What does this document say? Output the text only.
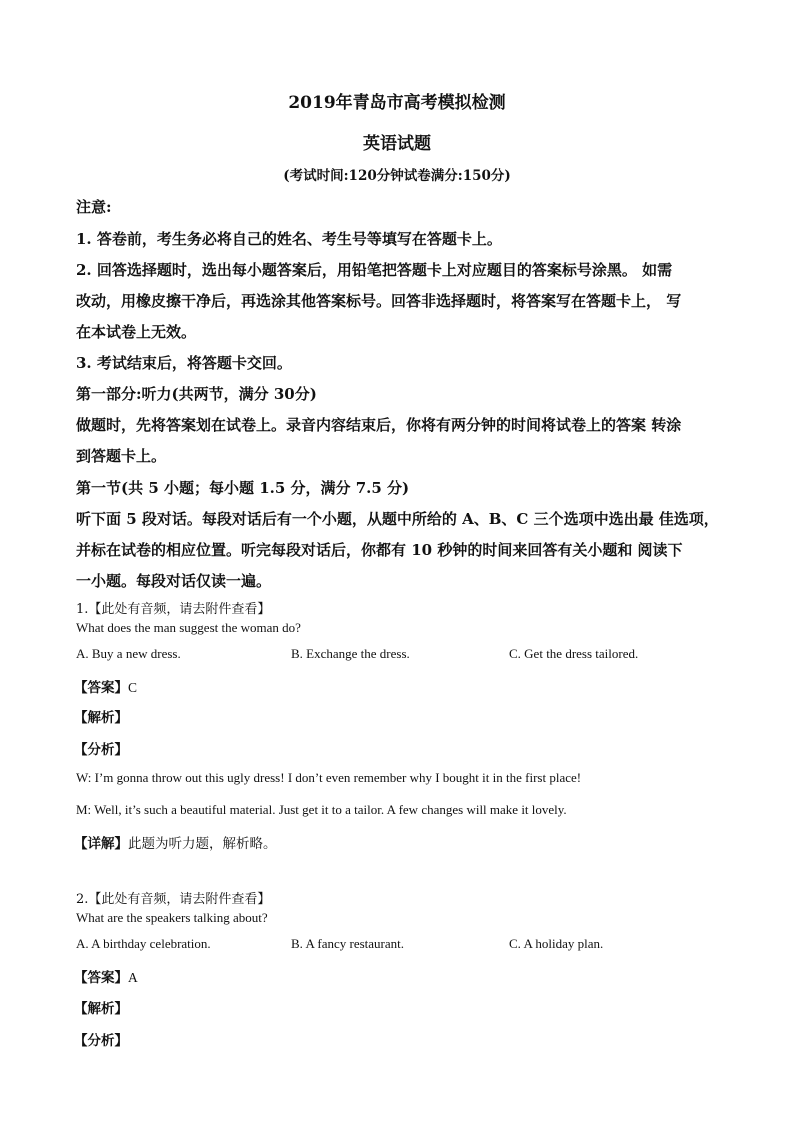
2019年青岛市高考模拟检测
英语试题
(考试时间:120分钟试卷满分:150分)
注意:
1. 答卷前，考生务必将自己的姓名、考生号等填写在答题卡上。
2. 回答选择题时，选出每小题答案后，用铅笔把答题卡上对应题目的答案标号涂黑。 如需
改动，用橡皮擦干净后，再选涂其他答案标号。回答非选择题时，将答案写在答题卡上， 写
在本试卷上无效。
3. 考试结束后，将答题卡交回。
第一部分:听力(共两节，满分 30分)
做题时，先将答案划在试卷上。录音内容结束后，你将有两分钟的时间将试卷上的答案 转涂
到答题卡上。
第一节(共 5 小题；每小题 1.5 分，满分 7.5 分)
听下面 5 段对话。每段对话后有一个小题，从题中所给的 A、B、C 三个选项中选出最 佳选项，
并标在试卷的相应位置。听完每段对话后，你都有 10 秒钟的时间来回答有关小题和 阅读下
一小题。每段对话仅读一遍。
1.【此处有音频，请去附件查看】
What does the man suggest the woman do?
A. Buy a new dress.	B. Exchange the dress.	C. Get the dress tailored.
【答案】C
【解析】
【分析】
W: I’m gonna throw out this ugly dress! I don’t even remember why I bought it in the first place!
M: Well, it’s such a beautiful material. Just get it to a tailor. A few changes will make it lovely.
【详解】此题为听力题，解析略。
2.【此处有音频，请去附件查看】
What are the speakers talking about?
A. A birthday celebration.	B. A fancy restaurant.	C. A holiday plan.
【答案】A
【解析】
【分析】
